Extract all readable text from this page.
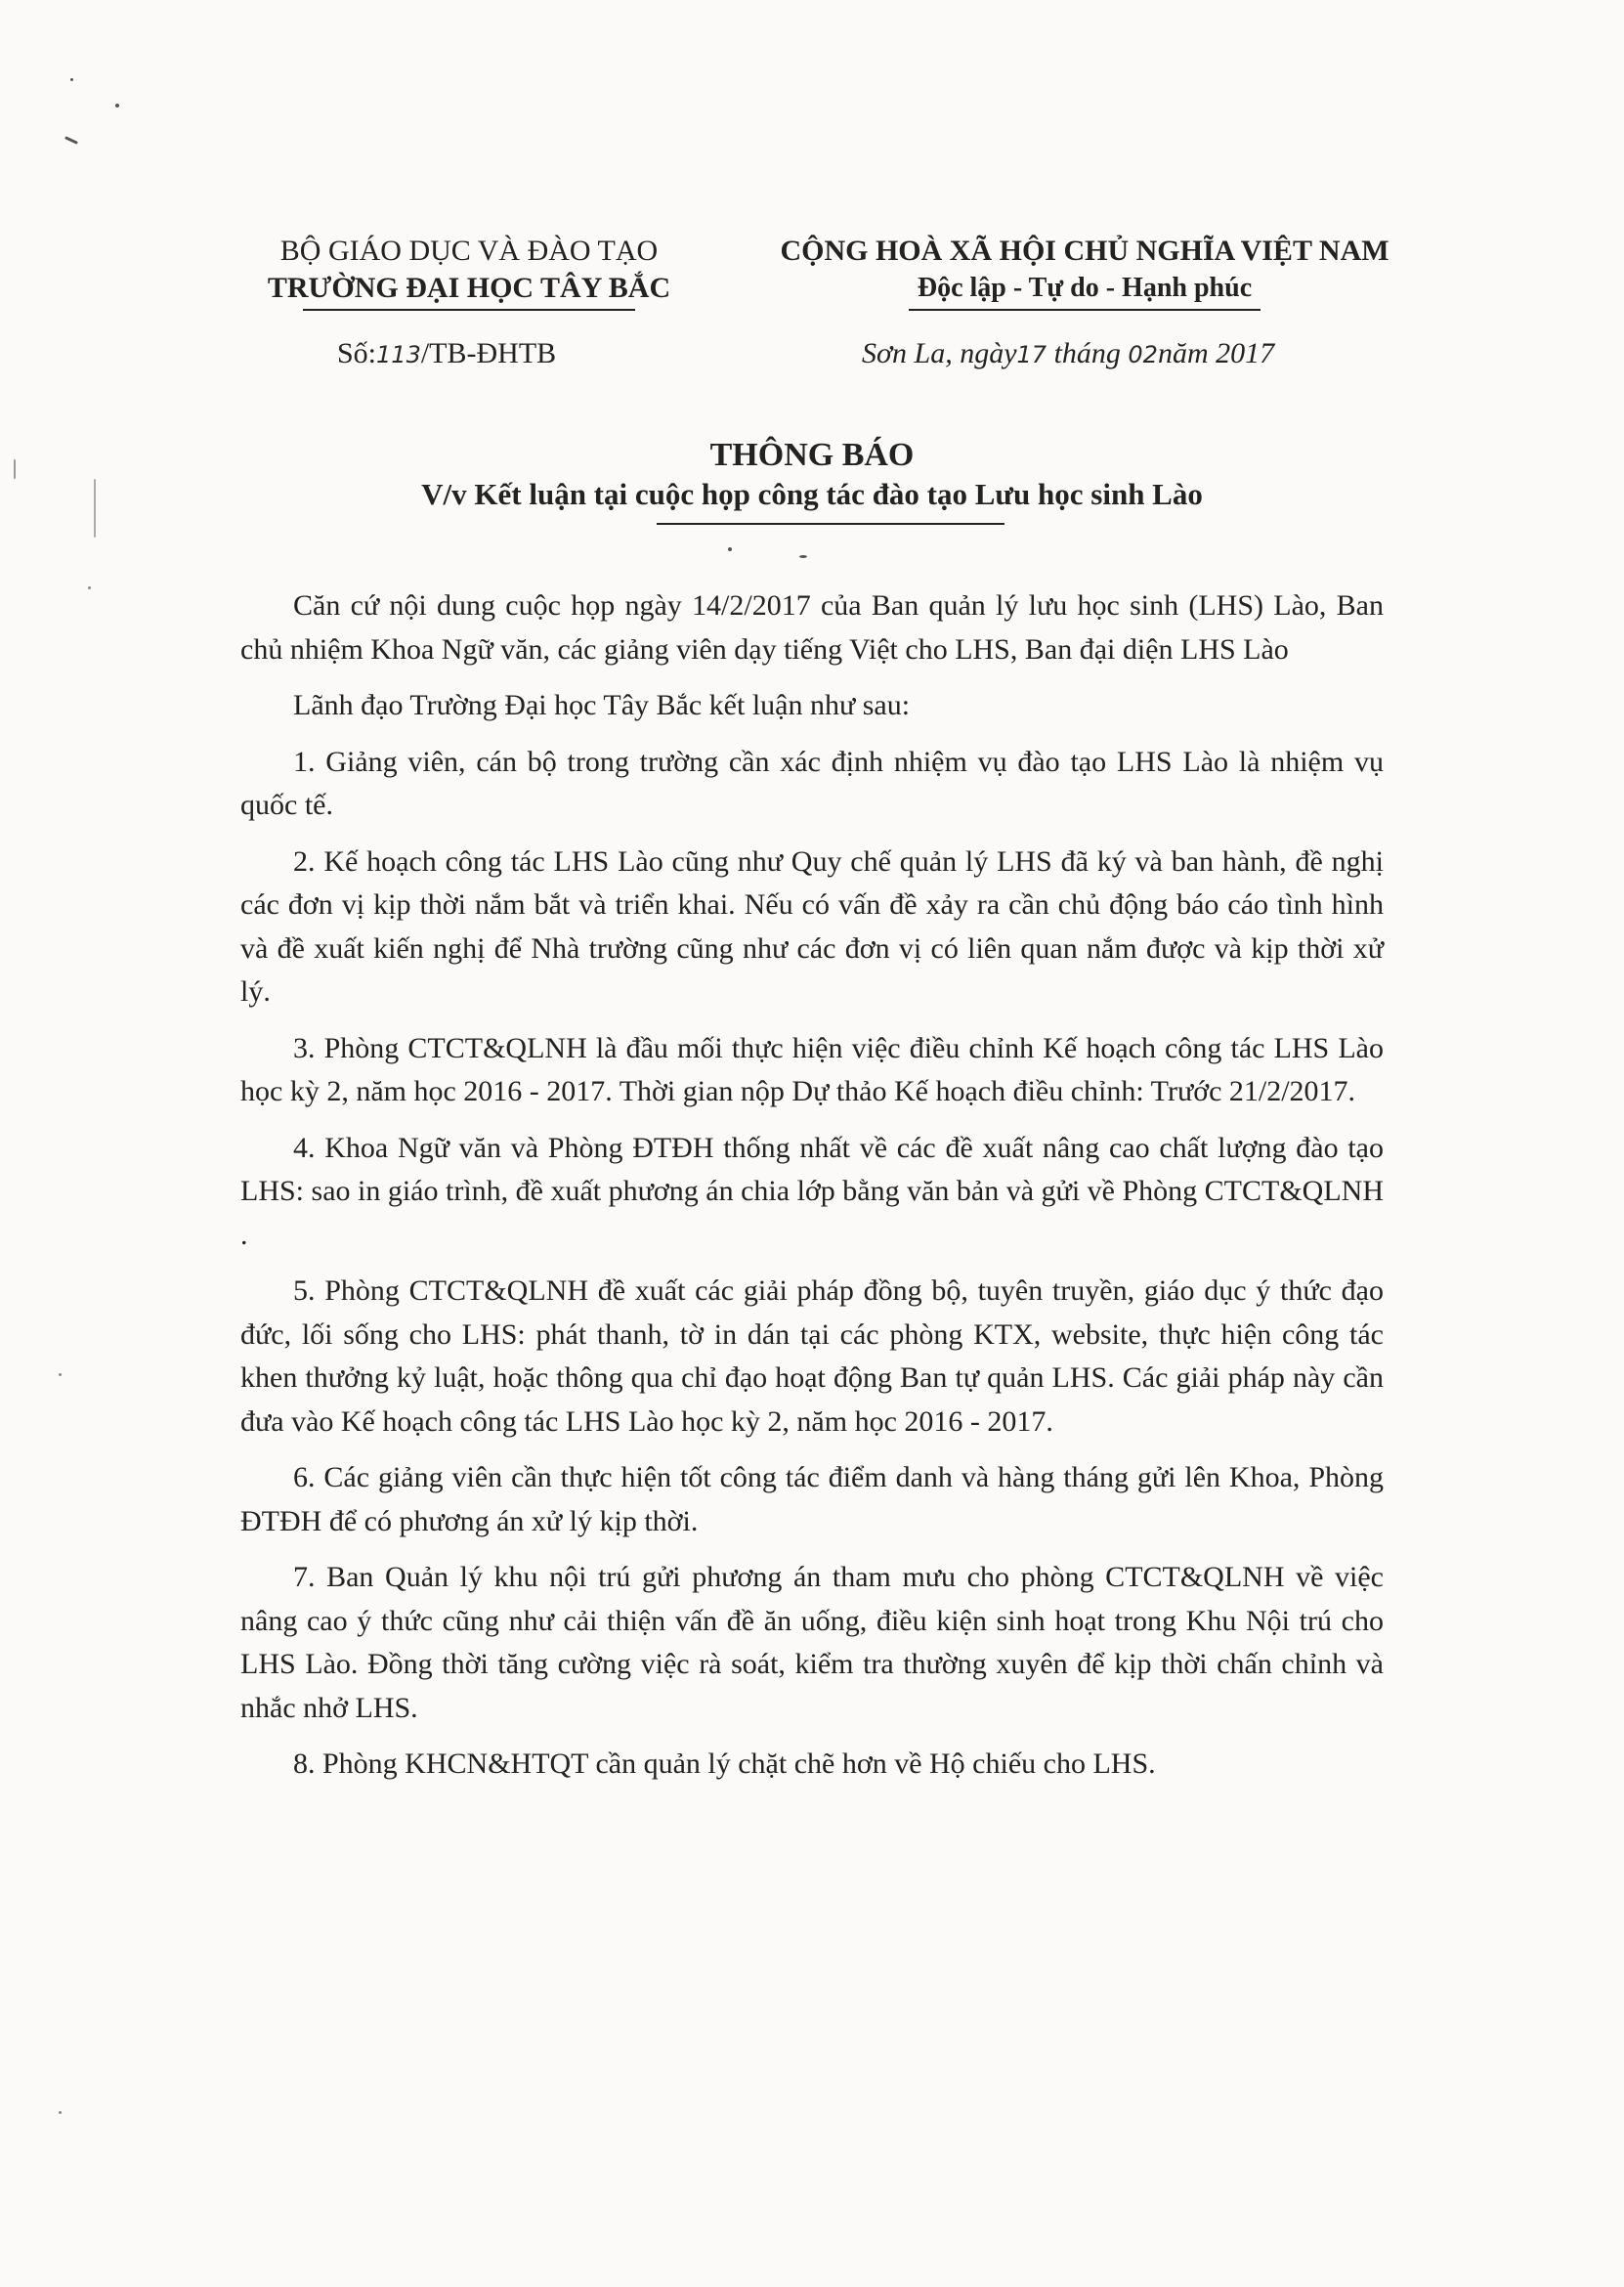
BỘ GIÁO DỤC VÀ ĐÀO TẠO
TRƯỜNG ĐẠI HỌC TÂY BẮC
CỘNG HOÀ XÃ HỘI CHỦ NGHĨA VIỆT NAM
Độc lập - Tự do - Hạnh phúc
Số:113/TB-ĐHTB	Sơn La, ngày17 tháng 02năm 2017
THÔNG BÁO
V/v Kết luận tại cuộc họp công tác đào tạo Lưu học sinh Lào

Căn cứ nội dung cuộc họp ngày 14/2/2017 của Ban quản lý lưu học sinh (LHS) Lào, Ban chủ nhiệm Khoa Ngữ văn, các giảng viên dạy tiếng Việt cho LHS, Ban đại diện LHS Lào

Lãnh đạo Trường Đại học Tây Bắc kết luận như sau:

1. Giảng viên, cán bộ trong trường cần xác định nhiệm vụ đào tạo LHS Lào là nhiệm vụ quốc tế.

2. Kế hoạch công tác LHS Lào cũng như Quy chế quản lý LHS đã ký và ban hành, đề nghị các đơn vị kịp thời nắm bắt và triển khai. Nếu có vấn đề xảy ra cần chủ động báo cáo tình hình và đề xuất kiến nghị để Nhà trường cũng như các đơn vị có liên quan nắm được và kịp thời xử lý.

3. Phòng CTCT&QLNH là đầu mối thực hiện việc điều chỉnh Kế hoạch công tác LHS Lào học kỳ 2, năm học 2016 - 2017. Thời gian nộp Dự thảo Kế hoạch điều chỉnh: Trước 21/2/2017.

4. Khoa Ngữ văn và Phòng ĐTĐH thống nhất về các đề xuất nâng cao chất lượng đào tạo LHS: sao in giáo trình, đề xuất phương án chia lớp bằng văn bản và gửi về Phòng CTCT&QLNH .

5. Phòng CTCT&QLNH đề xuất các giải pháp đồng bộ, tuyên truyền, giáo dục ý thức đạo đức, lối sống cho LHS: phát thanh, tờ in dán tại các phòng KTX, website, thực hiện công tác khen thưởng kỷ luật, hoặc thông qua chỉ đạo hoạt động Ban tự quản LHS. Các giải pháp này cần đưa vào Kế hoạch công tác LHS Lào học kỳ 2, năm học 2016 - 2017.

6. Các giảng viên cần thực hiện tốt công tác điểm danh và hàng tháng gửi lên Khoa, Phòng ĐTĐH để có phương án xử lý kịp thời.

7. Ban Quản lý khu nội trú gửi phương án tham mưu cho phòng CTCT&QLNH về việc nâng cao ý thức cũng như cải thiện vấn đề ăn uống, điều kiện sinh hoạt trong Khu Nội trú cho LHS Lào. Đồng thời tăng cường việc rà soát, kiểm tra thường xuyên để kịp thời chấn chỉnh và nhắc nhở LHS.

8. Phòng KHCN&HTQT cần quản lý chặt chẽ hơn về Hộ chiếu cho LHS.
